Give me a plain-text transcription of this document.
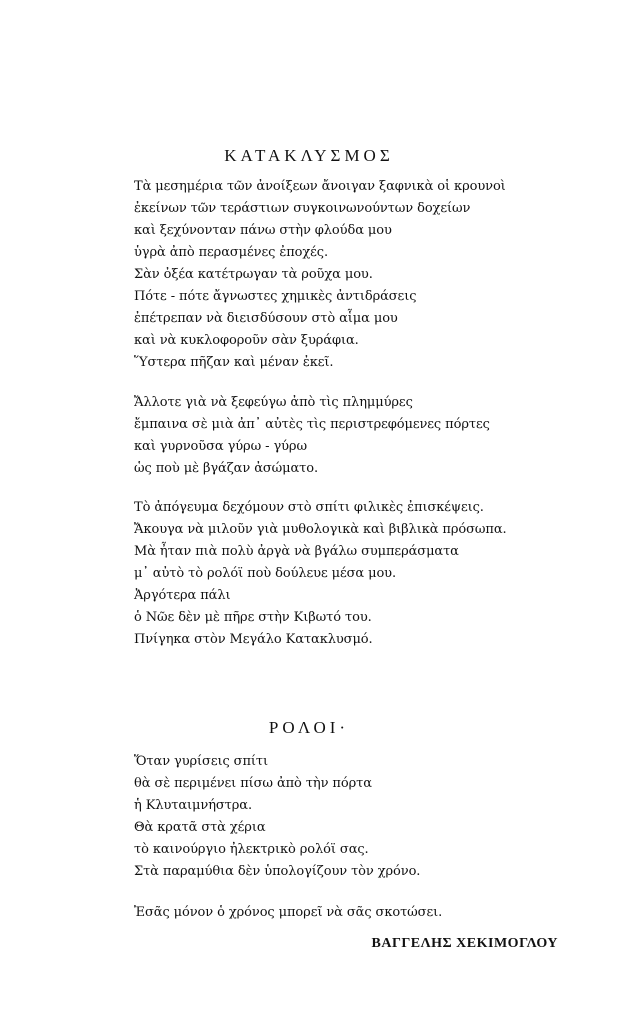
ΚΑΤΑΚΛΥΣΜΟΣ
Τὰ μεσημέρια τῶν ἀνοίξεων ἄνοιγαν ξαφνικὰ οἱ κρουνοὶ
ἐκείνων τῶν τεράστιων συγκοινωνούντων δοχείων
καὶ ξεχύνονταν πάνω στὴν φλούδα μου
ὑγρὰ ἀπὸ περασμένες ἐποχές.
Σὰν ὀξέα κατέτρωγαν τὰ ροῦχα μου.
Πότε - πότε ἄγνωστες χημικὲς ἀντιδράσεις
ἐπέτρεπαν νὰ διεισδύσουν στὸ αἷμα μου
καὶ νὰ κυκλοφοροῦν σὰν ξυράφια.
Ὕστερα πῆζαν καὶ μέναν ἐκεῖ.
Ἄλλοτε γιὰ νὰ ξεφεύγω ἀπὸ τὶς πλημμύρες
ἔμπαινα σὲ μιὰ ἀπ᾿ αὐτὲς τὶς περιστρεφόμενες πόρτες
καὶ γυρνοῦσα γύρω - γύρω
ὡς ποὺ μὲ βγάζαν ἀσώματο.
Τὸ ἀπόγευμα δεχόμουν στὸ σπίτι φιλικὲς ἐπισκέψεις.
Ἄκουγα νὰ μιλοῦν γιὰ μυθολογικὰ καὶ βιβλικὰ πρόσωπα.
Μὰ ἦταν πιὰ πολὺ ἀργὰ νὰ βγάλω συμπεράσματα
μ᾿ αὐτὸ τὸ ρολόϊ ποὺ δούλευε μέσα μου.
Ἀργότερα πάλι
ὁ Νῶε δὲν μὲ πῆρε στὴν Κιβωτό του.
Πνίγηκα στὸν Μεγάλο Κατακλυσμό.
ΡΟΛΟΙ·
Ὅταν γυρίσεις σπίτι
θὰ σὲ περιμένει πίσω ἀπὸ τὴν πόρτα
ἡ Κλυταιμνήστρα.
Θὰ κρατᾶ στὰ χέρια
τὸ καινούργιο ἠλεκτρικὸ ρολόϊ σας.
Στὰ παραμύθια δὲν ὑπολογίζουν τὸν χρόνο.
Ἐσᾶς μόνον ὁ χρόνος μπορεῖ νὰ σᾶς σκοτώσει.
ΒΑΓΓΕΛΗΣ ΧΕΚΙΜΟΓΛΟΥ
